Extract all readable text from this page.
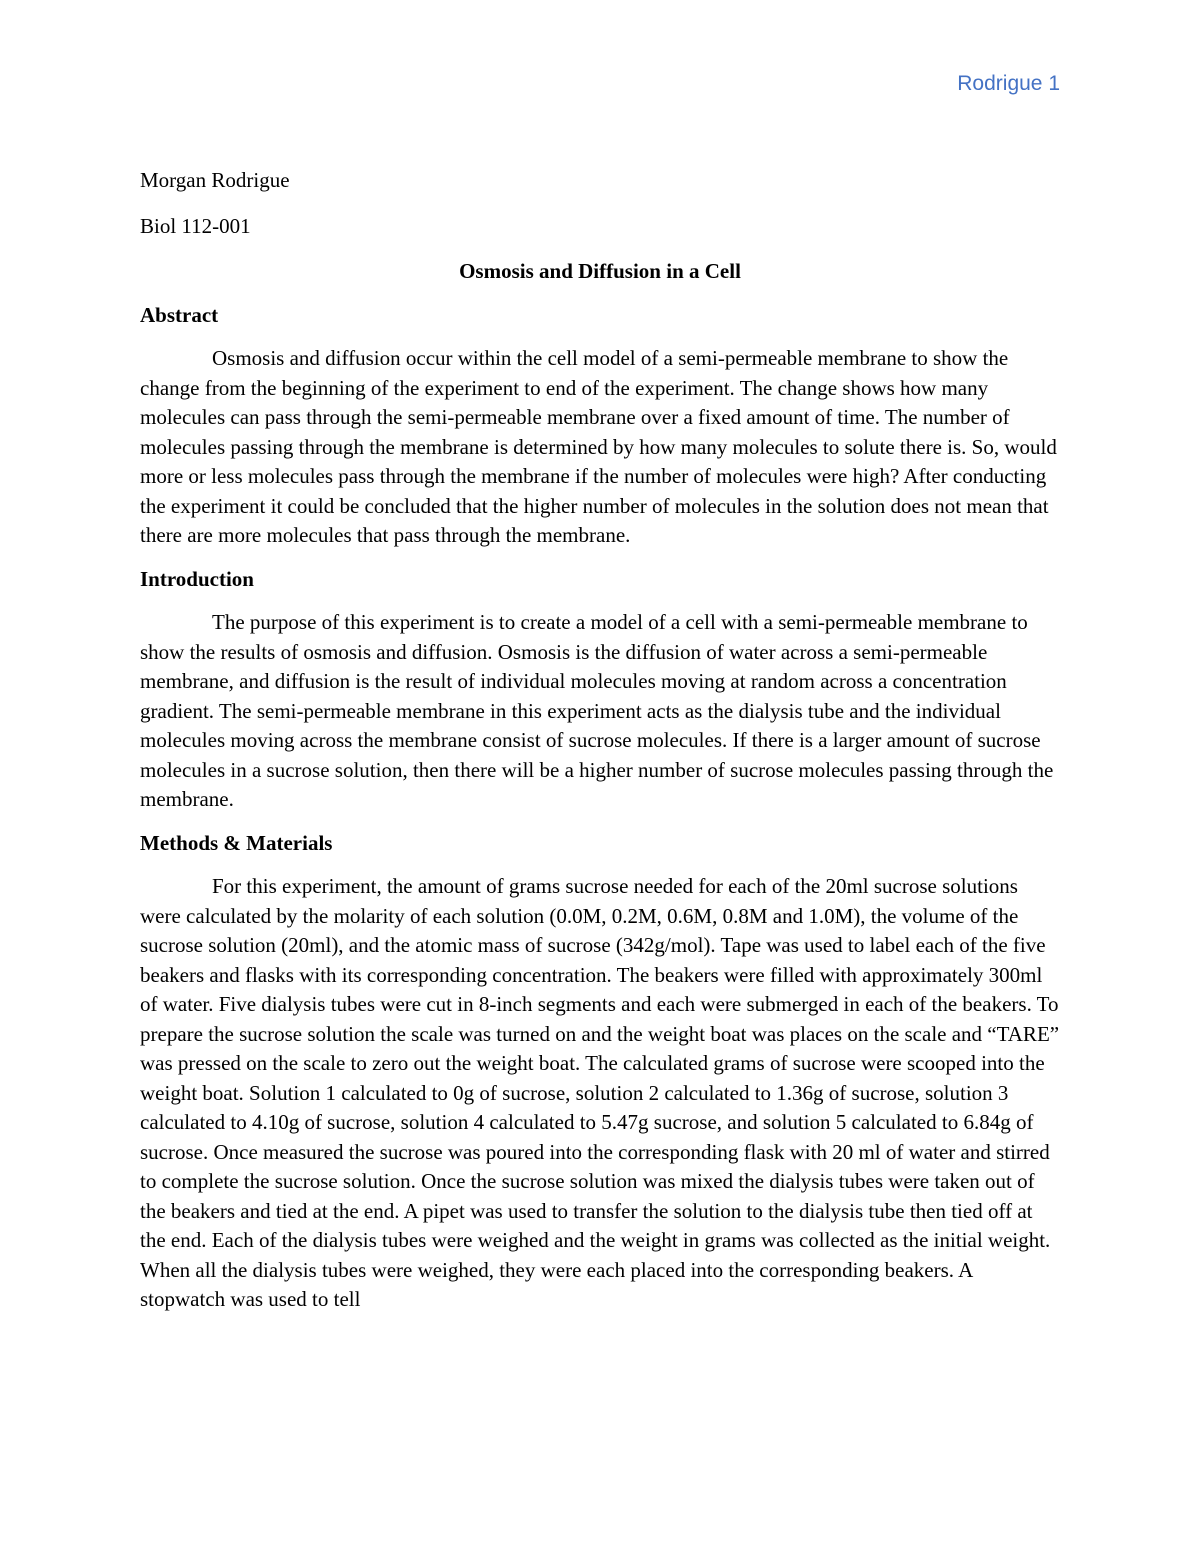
Rodrigue 1
Morgan Rodrigue
Biol 112-001
Osmosis and Diffusion in a Cell
Abstract

Osmosis and diffusion occur within the cell model of a semi-permeable membrane to show the change from the beginning of the experiment to end of the experiment. The change shows how many molecules can pass through the semi-permeable membrane over a fixed amount of time. The number of molecules passing through the membrane is determined by how many molecules to solute there is. So, would more or less molecules pass through the membrane if the number of molecules were high? After conducting the experiment it could be concluded that the higher number of molecules in the solution does not mean that there are more molecules that pass through the membrane.

Introduction

The purpose of this experiment is to create a model of a cell with a semi-permeable membrane to show the results of osmosis and diffusion. Osmosis is the diffusion of water across a semi-permeable membrane, and diffusion is the result of individual molecules moving at random across a concentration gradient. The semi-permeable membrane in this experiment acts as the dialysis tube and the individual molecules moving across the membrane consist of sucrose molecules. If there is a larger amount of sucrose molecules in a sucrose solution, then there will be a higher number of sucrose molecules passing through the membrane.

Methods & Materials

For this experiment, the amount of grams sucrose needed for each of the 20ml sucrose solutions were calculated by the molarity of each solution (0.0M, 0.2M, 0.6M, 0.8M and 1.0M), the volume of the sucrose solution (20ml), and the atomic mass of sucrose (342g/mol). Tape was used to label each of the five beakers and flasks with its corresponding concentration. The beakers were filled with approximately 300ml of water. Five dialysis tubes were cut in 8-inch segments and each were submerged in each of the beakers. To prepare the sucrose solution the scale was turned on and the weight boat was places on the scale and “TARE” was pressed on the scale to zero out the weight boat. The calculated grams of sucrose were scooped into the weight boat. Solution 1 calculated to 0g of sucrose, solution 2 calculated to 1.36g of sucrose, solution 3 calculated to 4.10g of sucrose, solution 4 calculated to 5.47g sucrose, and solution 5 calculated to 6.84g of sucrose. Once measured the sucrose was poured into the corresponding flask with 20 ml of water and stirred to complete the sucrose solution. Once the sucrose solution was mixed the dialysis tubes were taken out of the beakers and tied at the end. A pipet was used to transfer the solution to the dialysis tube then tied off at the end. Each of the dialysis tubes were weighed and the weight in grams was collected as the initial weight. When all the dialysis tubes were weighed, they were each placed into the corresponding beakers. A stopwatch was used to tell
